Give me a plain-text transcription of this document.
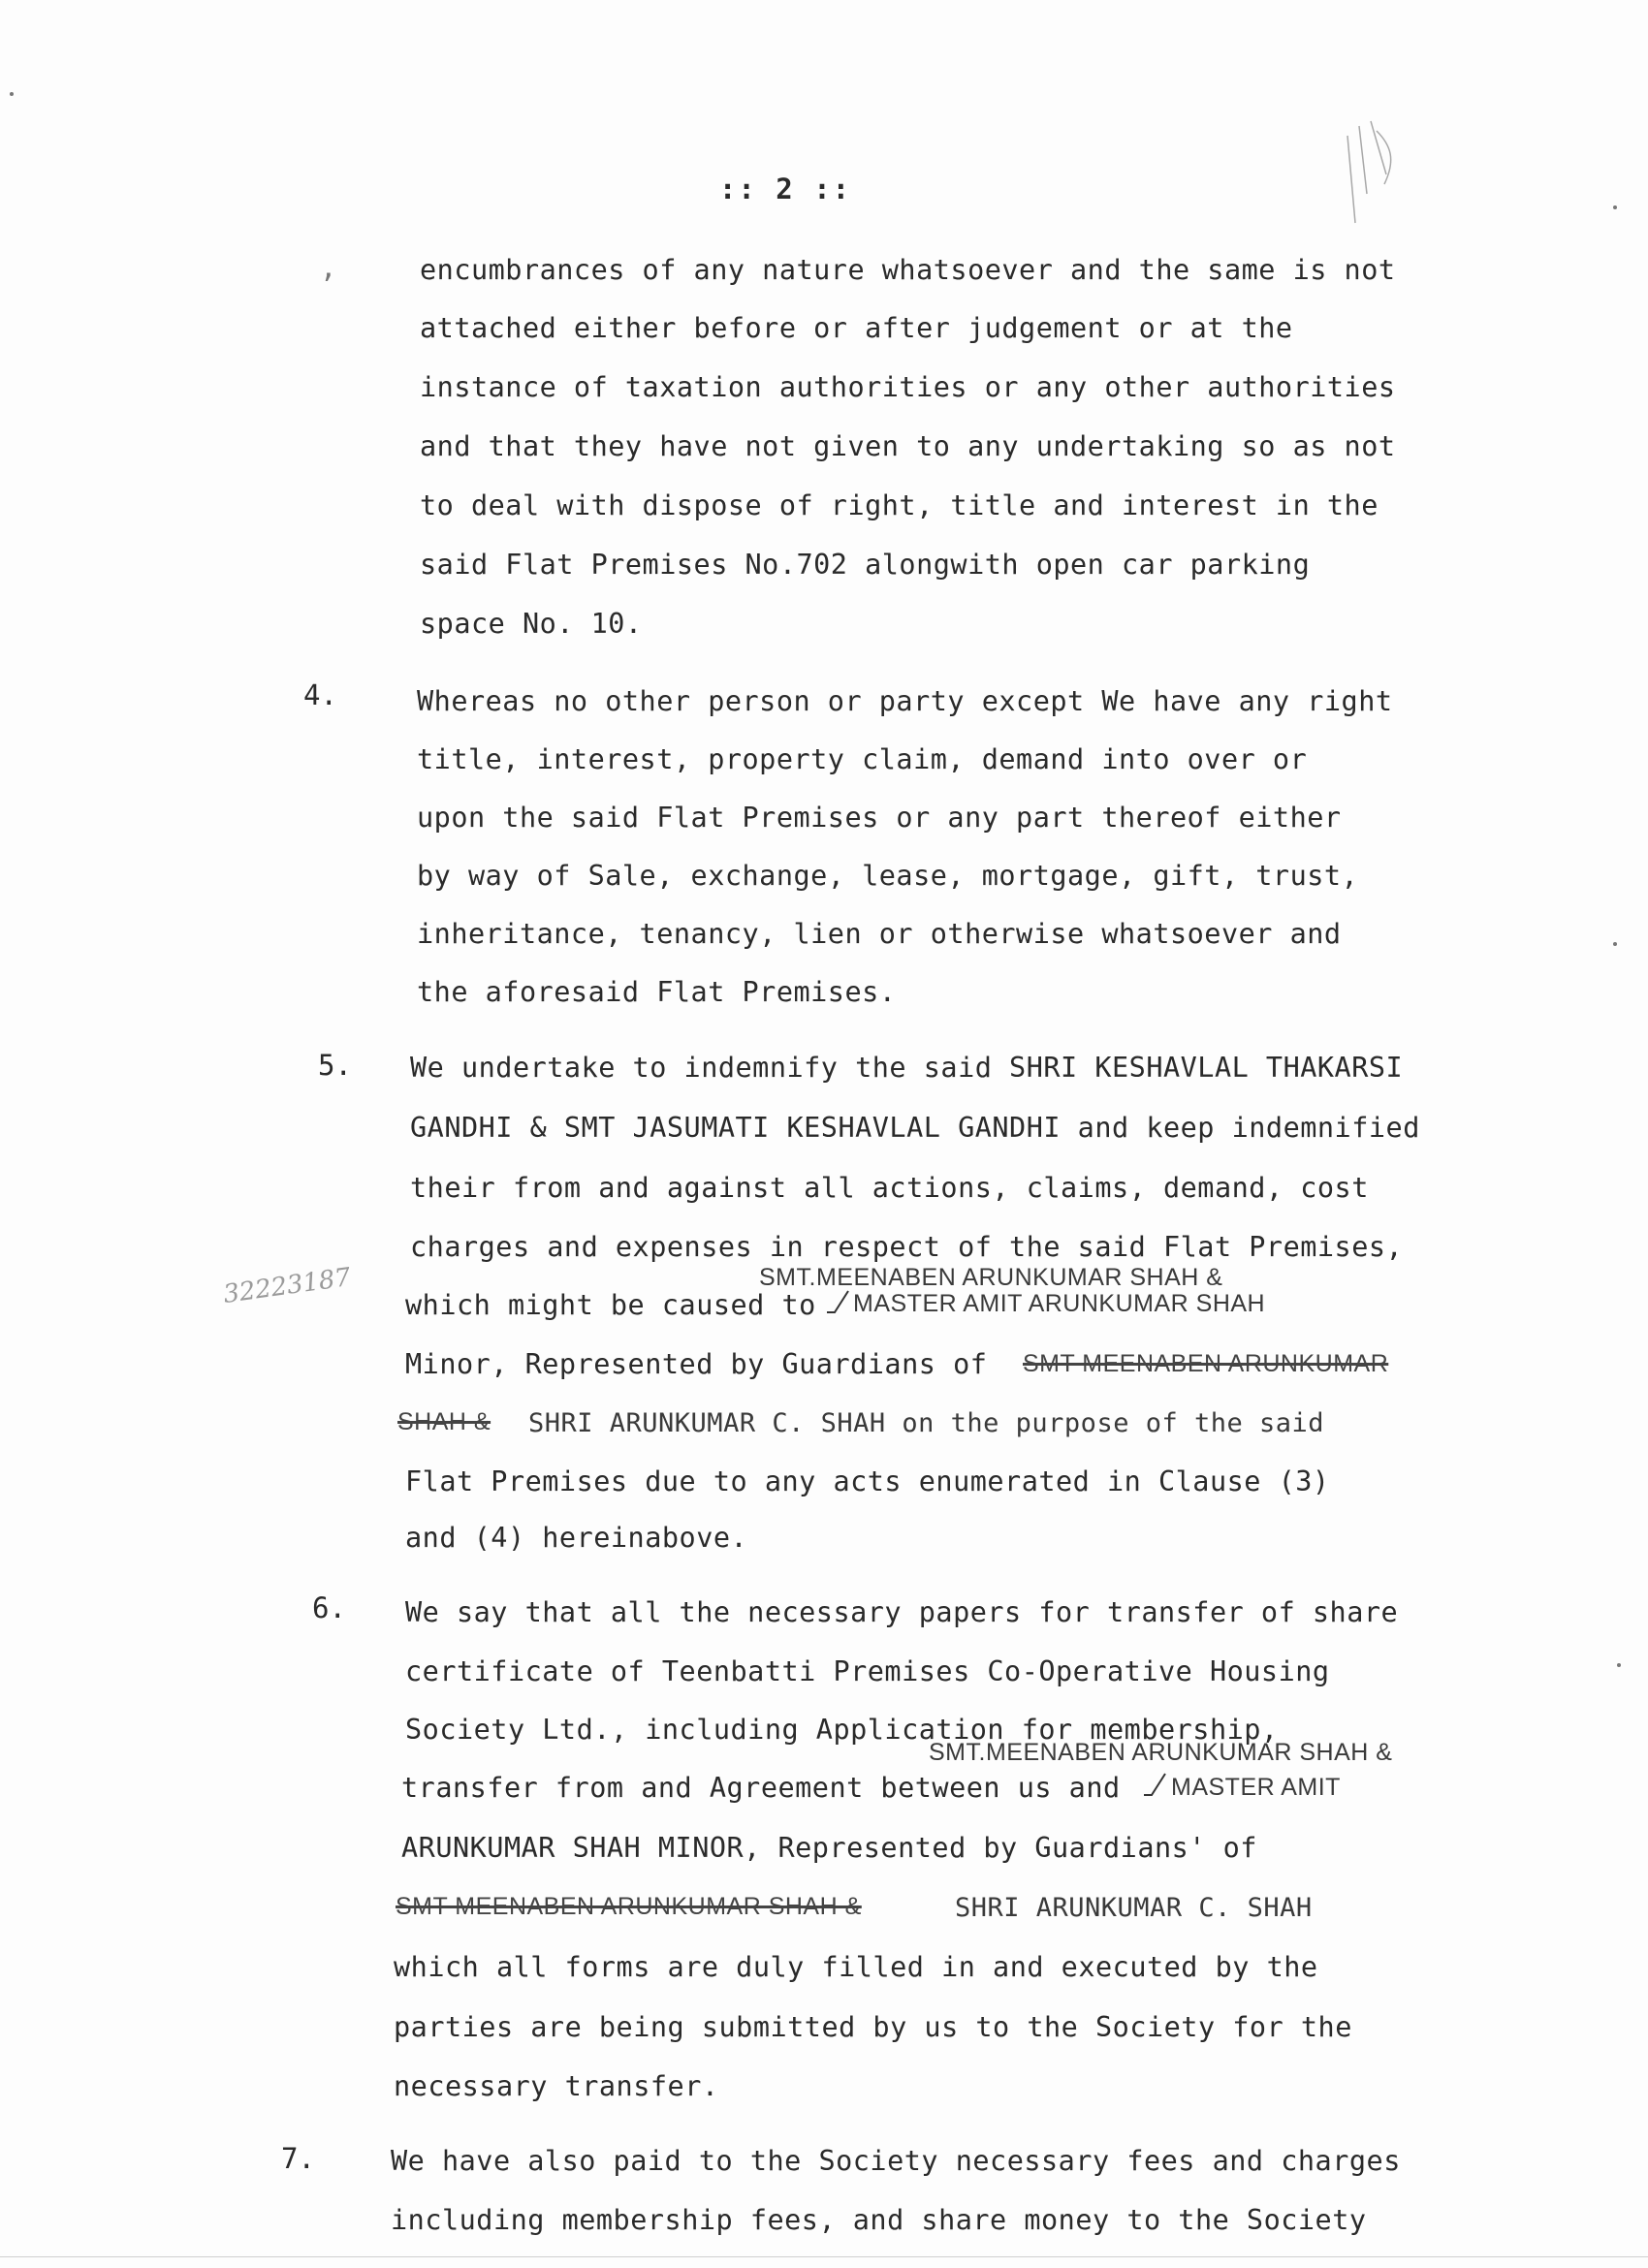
:: 2 ::
,	encumbrances of any nature whatsoever and the same is not
attached either before or after judgement or at the
instance of taxation authorities or any other authorities
and that they have not given to any undertaking so as not
to deal with dispose of right, title and interest in the
said Flat Premises No.702 alongwith open car parking
space No. 10.
4.	Whereas no other person or party except We have any right
title, interest, property claim, demand into over or
upon the said Flat Premises or any part thereof either
by way of Sale, exchange, lease, mortgage, gift, trust,
inheritance, tenancy, lien or otherwise whatsoever and
the aforesaid Flat Premises.
5. We undertake to indemnify the said SHRI KESHAVLAL THAKARSI
GANDHI & SMT JASUMATI KESHAVLAL GANDHI and keep indemnified
their from and against all actions, claims, demand, cost
charges and expenses in respect of the said Flat Premises,
SMT.MEENABEN ARUNKUMAR SHAH &
32223187 which might be caused to MASTER AMIT ARUNKUMAR SHAH
Minor, Represented by Guardians of SMT MEENABEN ARUNKUMAR
SHAH & SHRI ARUNKUMAR C. SHAH on the purpose of the said
Flat Premises due to any acts enumerated in Clause (3)
and (4) hereinabove.
6. We say that all the necessary papers for transfer of share
certificate of Teenbatti Premises Co-Operative Housing
Society Ltd., including Application for membership,
SMT.MEENABEN ARUNKUMAR SHAH &
transfer from and Agreement between us and MASTER AMIT
ARUNKUMAR SHAH MINOR, Represented by Guardians' of
SMT MEENABEN ARUNKUMAR SHAH &	SHRI ARUNKUMAR C. SHAH
which all forms are duly filled in and executed by the
parties are being submitted by us to the Society for the
necessary transfer.
7.	We have also paid to the Society necessary fees and charges
including membership fees, and share money to the Society
